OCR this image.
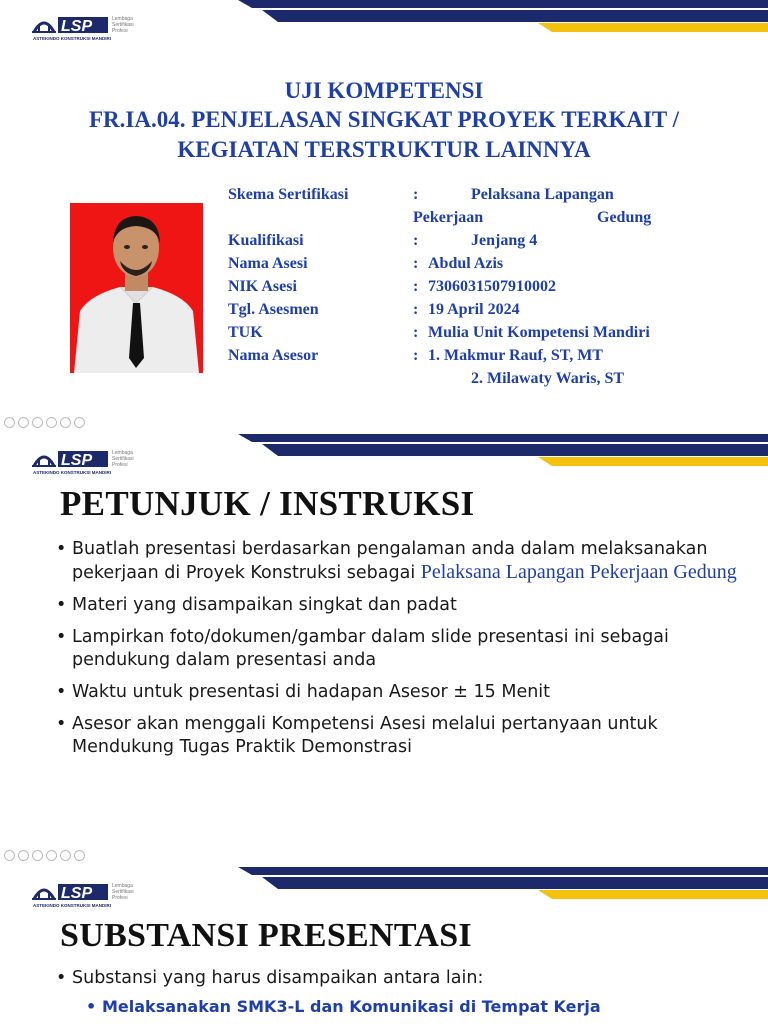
LSP	Lembaga
Sertifikasi
Profesi
ASTEKINDO KONSTRUKSI MANDIRI
UJI KOMPETENSI
FR.IA.04. PENJELASAN SINGKAT PROYEK TERKAIT /
KEGIATAN TERSTRUKTUR LAINNYA
Skema Sertifikasi	:	Pelaksana Lapangan
Pekerjaan	Gedung
Kualifikasi	:	Jenjang 4
Nama Asesi	: Abdul Azis
NIK Asesi	: 7306031507910002
Tgl. Asesmen	: 19 April 2024
TUK	: Mulia Unit Kompetensi Mandiri
Nama Asesor	: 1. Makmur Rauf, ST, MT
2. Milawaty Waris, ST
LSP	Lembaga
Sertifikasi
Profesi
ASTEKINDO KONSTRUKSI MANDIRI
PETUNJUK / INSTRUKSI
• Buatlah presentasi berdasarkan pengalaman anda dalam melaksanakan pekerjaan di Proyek Konstruksi sebagai Pelaksana Lapangan Pekerjaan Gedung
• Materi yang disampaikan singkat dan padat
• Lampirkan foto/dokumen/gambar dalam slide presentasi ini sebagai pendukung dalam presentasi anda
• Waktu untuk presentasi di hadapan Asesor ± 15 Menit
• Asesor akan menggali Kompetensi Asesi melalui pertanyaan untuk Mendukung Tugas Praktik Demonstrasi
LSP	Lembaga
Sertifikasi
Profesi
ASTEKINDO KONSTRUKSI MANDIRI
SUBSTANSI PRESENTASI
• Substansi yang harus disampaikan antara lain:
• Melaksanakan SMK3-L dan Komunikasi di Tempat Kerja
